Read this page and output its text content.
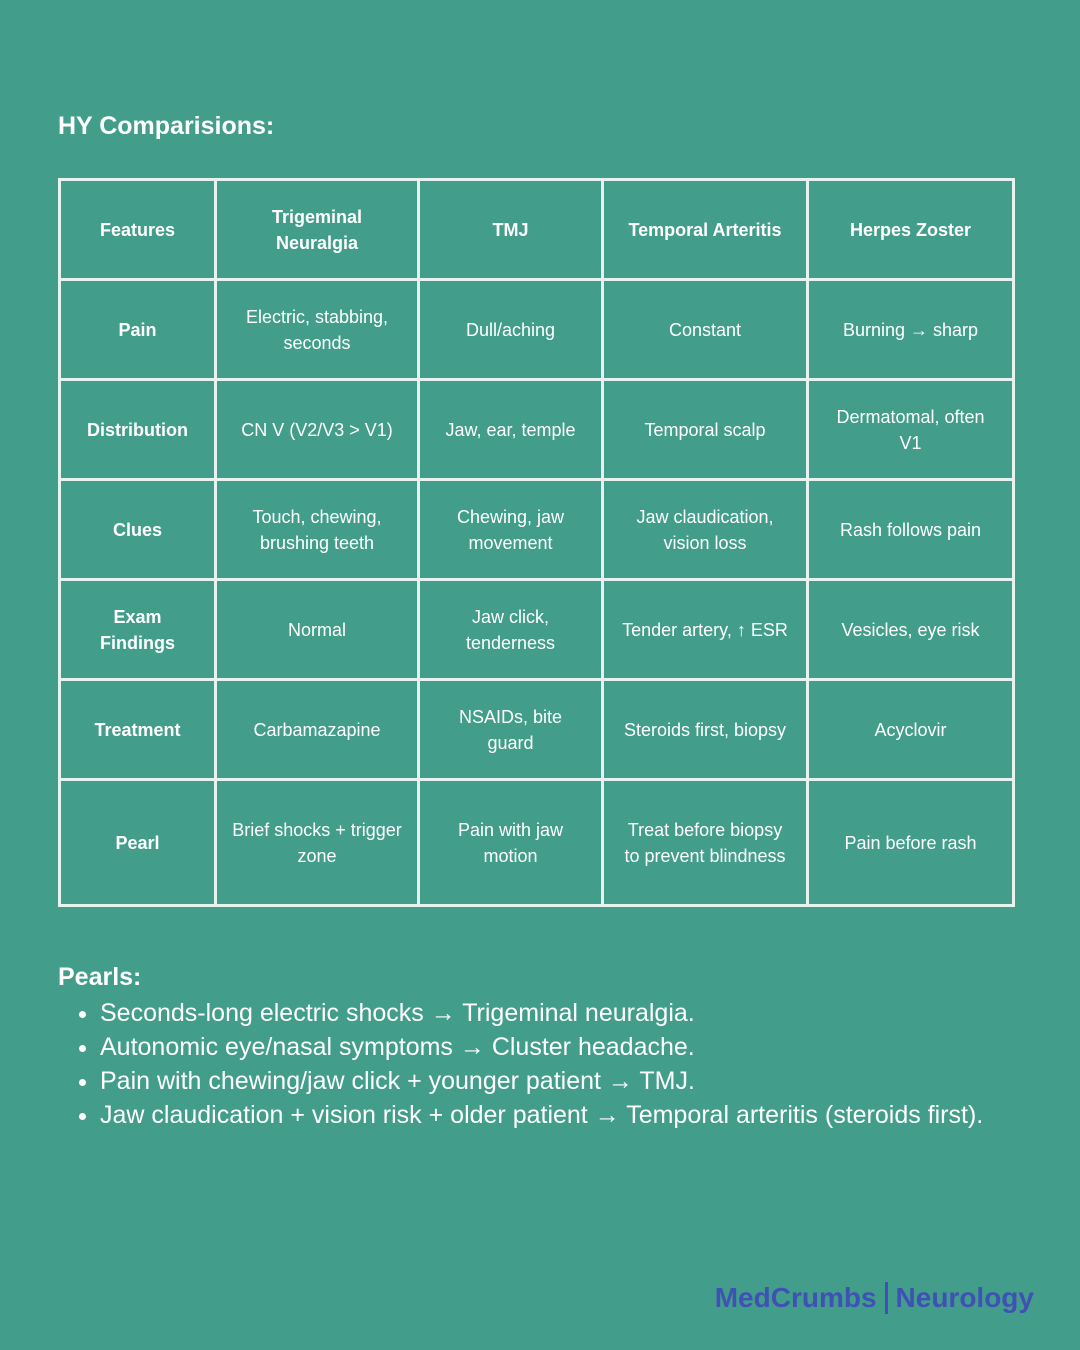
HY Comparisions:
Features	Trigeminal Neuralgia	TMJ	Temporal Arteritis	Herpes Zoster
Pain	Electric, stabbing, seconds	Dull/aching	Constant	Burning → sharp
Distribution	CN V (V2/V3 > V1)	Jaw, ear, temple	Temporal scalp	Dermatomal, often V1
Clues	Touch, chewing, brushing teeth	Chewing, jaw movement	Jaw claudication, vision loss	Rash follows pain
Exam Findings	Normal	Jaw click, tenderness	Tender artery, ↑ ESR	Vesicles, eye risk
Treatment	Carbamazapine	NSAIDs, bite guard	Steroids first, biopsy	Acyclovir
Pearl	Brief shocks + trigger zone	Pain with jaw motion	Treat before biopsy to prevent blindness	Pain before rash
Pearls:
• Seconds-long electric shocks → Trigeminal neuralgia.
• Autonomic eye/nasal symptoms → Cluster headache.
• Pain with chewing/jaw click + younger patient → TMJ.
• Jaw claudication + vision risk + older patient → Temporal arteritis (steroids first).
MedCrumbs Neurology
